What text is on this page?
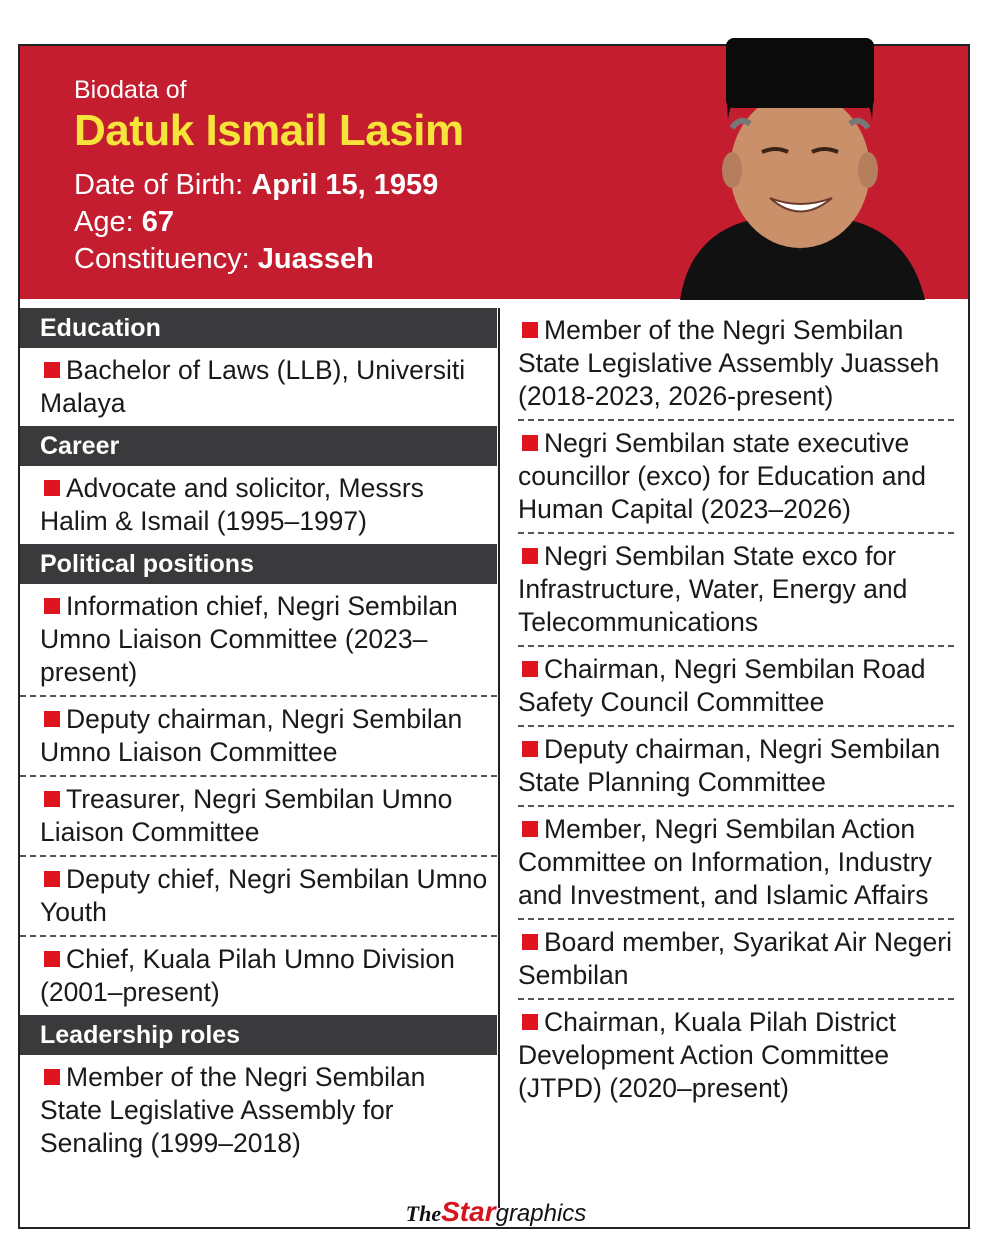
Biodata of
Datuk Ismail Lasim
Date of Birth: April 15, 1959
Age: 67
Constituency: Juasseh
Education
Bachelor of Laws (LLB), Universiti Malaya
Career
Advocate and solicitor, Messrs Halim & Ismail (1995–1997)
Political positions
Information chief, Negri Sembilan Umno Liaison Committee (2023–present)
Deputy chairman, Negri Sembilan Umno Liaison Committee
Treasurer, Negri Sembilan Umno Liaison Committee
Deputy chief, Negri Sembilan Umno Youth
Chief, Kuala Pilah Umno Division (2001–present)
Leadership roles
Member of the Negri Sembilan State Legislative Assembly for Senaling (1999–2018)
Member of the Negri Sembilan State Legislative Assembly Juasseh (2018-2023, 2026-present)
Negri Sembilan state executive councillor (exco) for Education and Human Capital (2023–2026)
Negri Sembilan State exco for Infrastructure, Water, Energy and Telecommunications
Chairman, Negri Sembilan Road Safety Council Committee
Deputy chairman, Negri Sembilan State Planning Committee
Member, Negri Sembilan Action Committee on Information, Industry and Investment, and Islamic Affairs
Board member, Syarikat Air Negeri Sembilan
Chairman, Kuala Pilah District Development Action Committee (JTPD) (2020–present)
TheStargraphics
